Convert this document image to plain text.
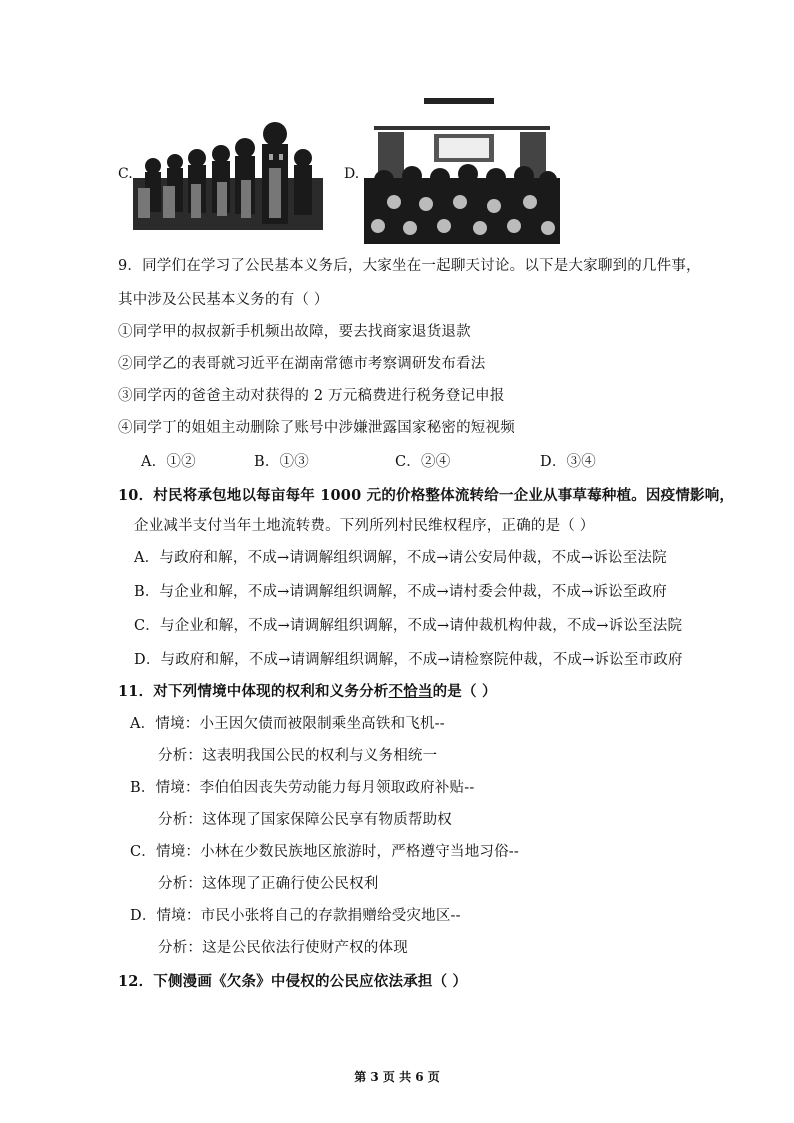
C.	D.
9．同学们在学习了公民基本义务后，大家坐在一起聊天讨论。以下是大家聊到的几件事，
其中涉及公民基本义务的有（ ）
①同学甲的叔叔新手机频出故障，要去找商家退货退款
②同学乙的表哥就习近平在湖南常德市考察调研发布看法
③同学丙的爸爸主动对获得的 2 万元稿费进行税务登记申报
④同学丁的姐姐主动删除了账号中涉嫌泄露国家秘密的短视频
A．①②	B．①③	C．②④	D．③④
10．村民将承包地以每亩每年 1000 元的价格整体流转给一企业从事草莓种植。因疫情影响，
企业减半支付当年土地流转费。下列所列村民维权程序，正确的是（ ）
A．与政府和解，不成→请调解组织调解，不成→请公安局仲裁，不成→诉讼至法院
B．与企业和解，不成→请调解组织调解，不成→请村委会仲裁，不成→诉讼至政府
C．与企业和解，不成→请调解组织调解，不成→请仲裁机构仲裁，不成→诉讼至法院
D．与政府和解，不成→请调解组织调解，不成→请检察院仲裁，不成→诉讼至市政府
11．对下列情境中体现的权利和义务分析不恰当的是（ ）
A．情境：小王因欠债而被限制乘坐高铁和飞机--
分析：这表明我国公民的权利与义务相统一
B．情境：李伯伯因丧失劳动能力每月领取政府补贴--
分析：这体现了国家保障公民享有物质帮助权
C．情境：小林在少数民族地区旅游时，严格遵守当地习俗--
分析：这体现了正确行使公民权利
D．情境：市民小张将自己的存款捐赠给受灾地区--
分析：这是公民依法行使财产权的体现
12．下侧漫画《欠条》中侵权的公民应依法承担（ ）
第 3 页 共 6 页
